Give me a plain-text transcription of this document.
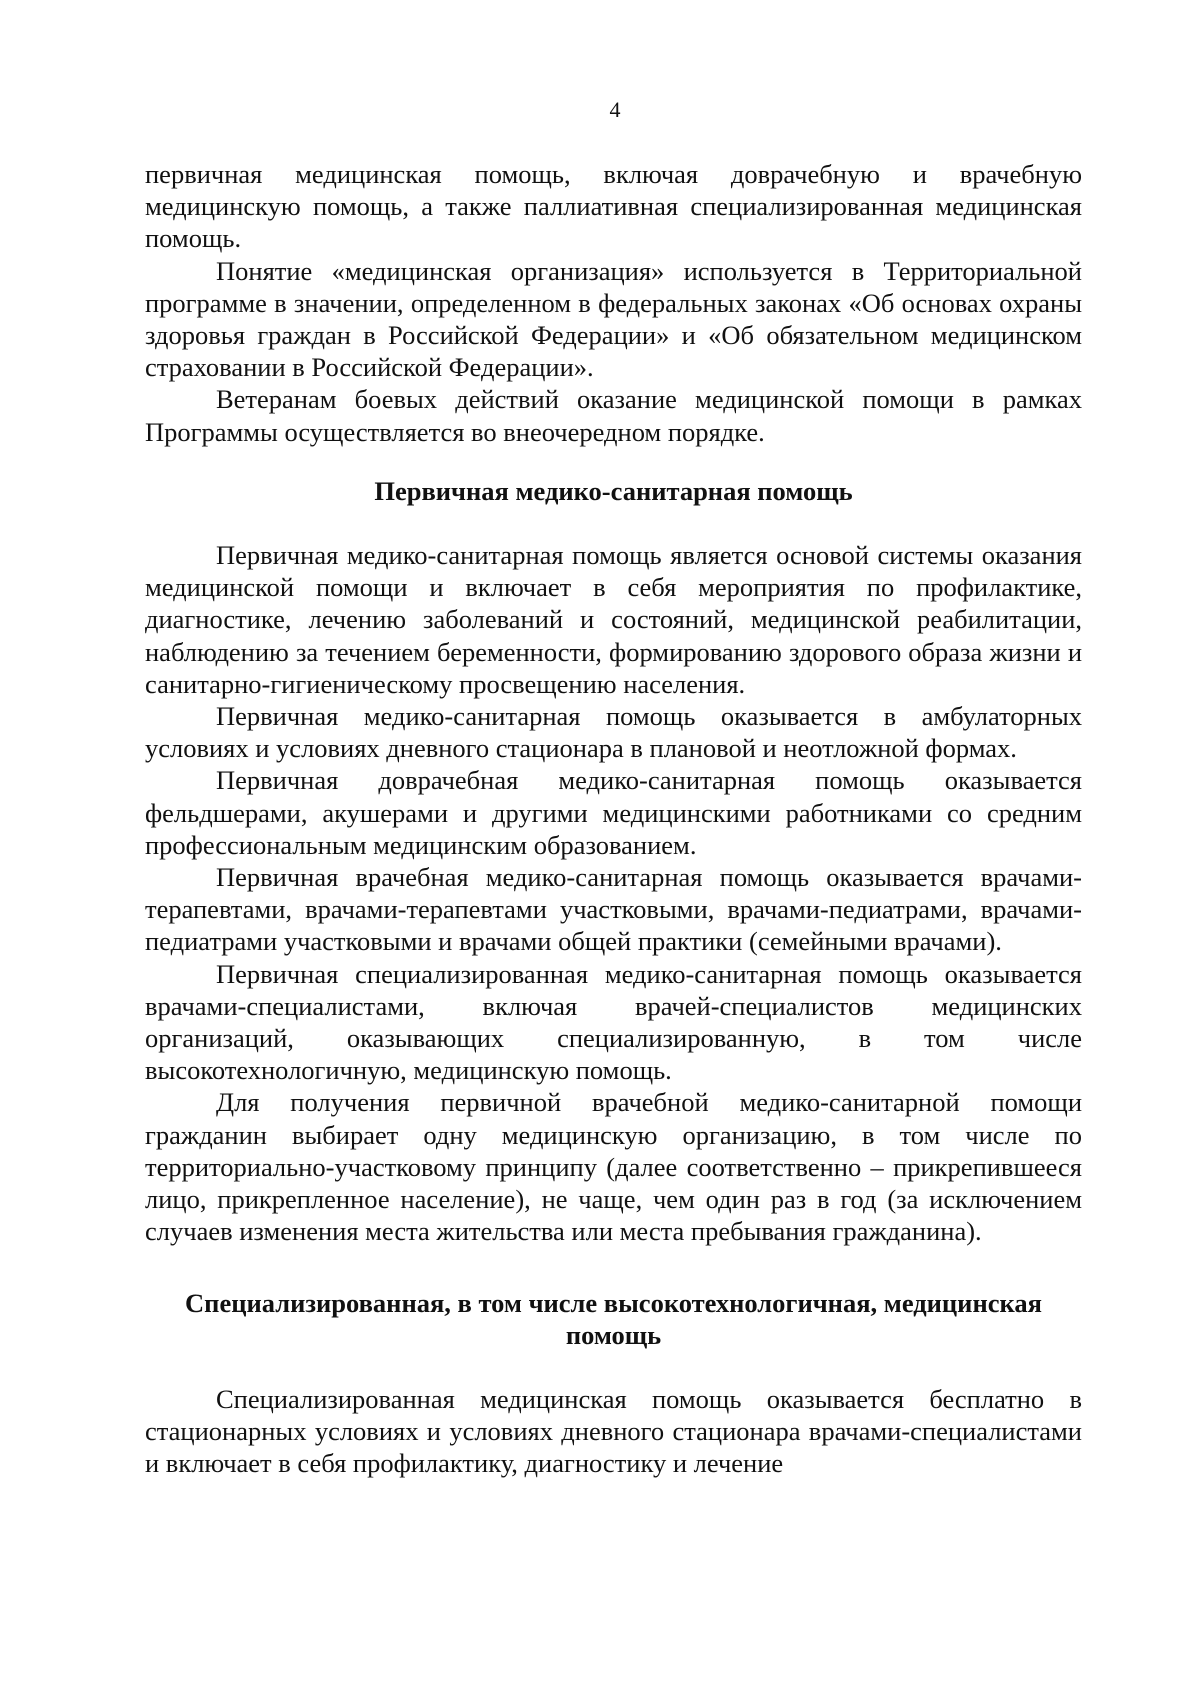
4

первичная медицинская помощь, включая доврачебную и врачебную медицинскую помощь, а также паллиативная специализированная медицинская помощь.

Понятие «медицинская организация» используется в Территориальной программе в значении, определенном в федеральных законах «Об основах охраны здоровья граждан в Российской Федерации» и «Об обязательном медицинском страховании в Российской Федерации».

Ветеранам боевых действий оказание медицинской помощи в рамках Программы осуществляется во внеочередном порядке.

Первичная медико-санитарная помощь

Первичная медико-санитарная помощь является основой системы оказания медицинской помощи и включает в себя мероприятия по профилактике, диагностике, лечению заболеваний и состояний, медицинской реабилитации, наблюдению за течением беременности, формированию здорового образа жизни и санитарно-гигиеническому просвещению населения.

Первичная медико-санитарная помощь оказывается в амбулаторных условиях и условиях дневного стационара в плановой и неотложной формах.

Первичная доврачебная медико-санитарная помощь оказывается фельдшерами, акушерами и другими медицинскими работниками со средним профессиональным медицинским образованием.

Первичная врачебная медико-санитарная помощь оказывается врачами-терапевтами, врачами-терапевтами участковыми, врачами-педиатрами, врачами-педиатрами участковыми и врачами общей практики (семейными врачами).

Первичная специализированная медико-санитарная помощь оказывается врачами-специалистами, включая врачей-специалистов медицинских организаций, оказывающих специализированную, в том числе высокотехнологичную, медицинскую помощь.

Для получения первичной врачебной медико-санитарной помощи гражданин выбирает одну медицинскую организацию, в том числе по территориально-участковому принципу (далее соответственно – прикрепившееся лицо, прикрепленное население), не чаще, чем один раз в год (за исключением случаев изменения места жительства или места пребывания гражданина).

Специализированная, в том числе высокотехнологичная, медицинская помощь

Специализированная медицинская помощь оказывается бесплатно в стационарных условиях и условиях дневного стационара врачами-специалистами и включает в себя профилактику, диагностику и лечение
